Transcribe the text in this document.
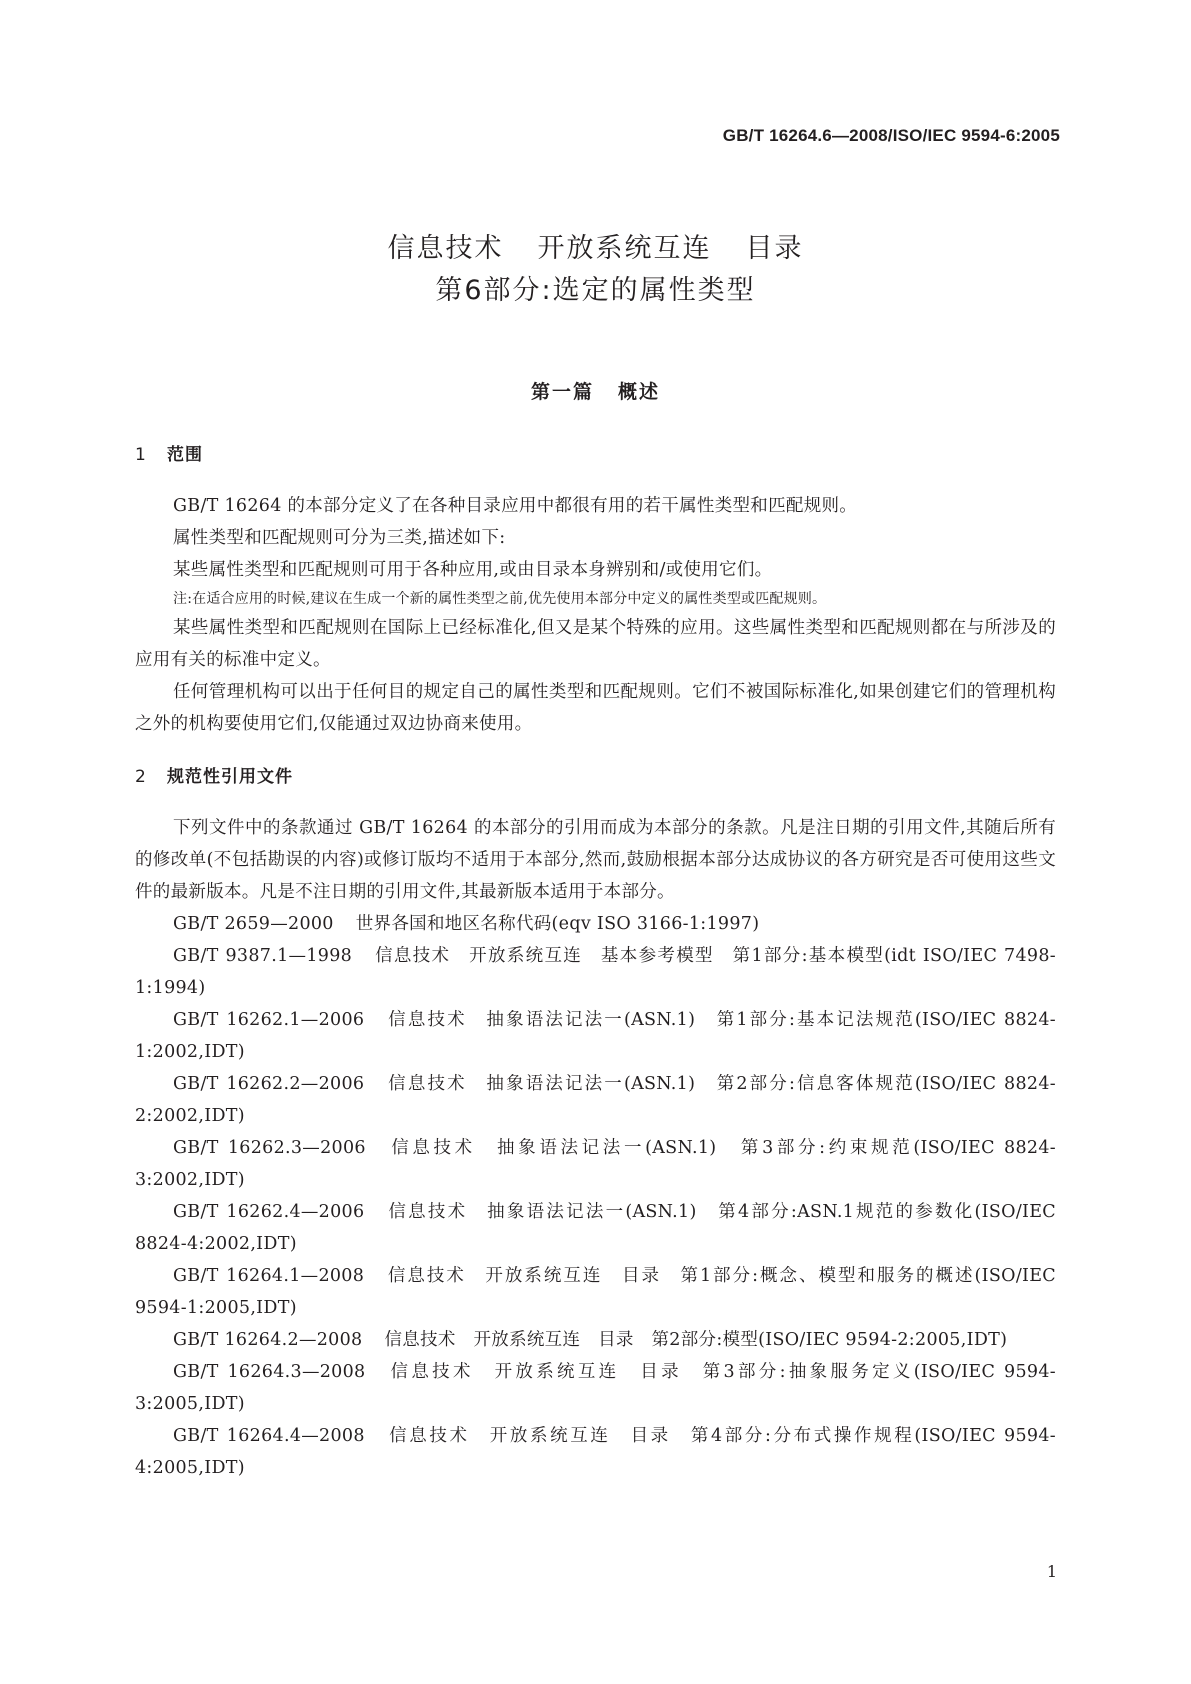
GB/T 16264.6—2008/ISO/IEC 9594-6:2005
信息技术 开放系统互连 目录
第6部分:选定的属性类型
第一篇 概述
1 范围

GB/T 16264 的本部分定义了在各种目录应用中都很有用的若干属性类型和匹配规则。

属性类型和匹配规则可分为三类,描述如下:

某些属性类型和匹配规则可用于各种应用,或由目录本身辨别和/或使用它们。

注:在适合应用的时候,建议在生成一个新的属性类型之前,优先使用本部分中定义的属性类型或匹配规则。

某些属性类型和匹配规则在国际上已经标准化,但又是某个特殊的应用。这些属性类型和匹配规则都在与所涉及的应用有关的标准中定义。

任何管理机构可以出于任何目的规定自己的属性类型和匹配规则。它们不被国际标准化,如果创建它们的管理机构之外的机构要使用它们,仅能通过双边协商来使用。

2 规范性引用文件

下列文件中的条款通过 GB/T 16264 的本部分的引用而成为本部分的条款。凡是注日期的引用文件,其随后所有的修改单(不包括勘误的内容)或修订版均不适用于本部分,然而,鼓励根据本部分达成协议的各方研究是否可使用这些文件的最新版本。凡是不注日期的引用文件,其最新版本适用于本部分。

GB/T 2659—2000 世界各国和地区名称代码(eqv ISO 3166-1:1997)

GB/T 9387.1—1998 信息技术　开放系统互连　基本参考模型　第1部分:基本模型(idt ISO/IEC 7498-1:1994)

GB/T 16262.1—2006 信息技术　抽象语法记法一(ASN.1)　第1部分:基本记法规范(ISO/IEC 8824-1:2002,IDT)

GB/T 16262.2—2006 信息技术　抽象语法记法一(ASN.1)　第2部分:信息客体规范(ISO/IEC 8824-2:2002,IDT)

GB/T 16262.3—2006 信息技术　抽象语法记法一(ASN.1)　第3部分:约束规范(ISO/IEC 8824-3:2002,IDT)

GB/T 16262.4—2006 信息技术　抽象语法记法一(ASN.1)　第4部分:ASN.1规范的参数化(ISO/IEC 8824-4:2002,IDT)

GB/T 16264.1—2008 信息技术　开放系统互连　目录　第1部分:概念、模型和服务的概述(ISO/IEC 9594-1:2005,IDT)

GB/T 16264.2—2008 信息技术　开放系统互连　目录　第2部分:模型(ISO/IEC 9594-2:2005,IDT)

GB/T 16264.3—2008 信息技术　开放系统互连　目录　第3部分:抽象服务定义(ISO/IEC 9594-3:2005,IDT)

GB/T 16264.4—2008 信息技术　开放系统互连　目录　第4部分:分布式操作规程(ISO/IEC 9594-4:2005,IDT)

1
